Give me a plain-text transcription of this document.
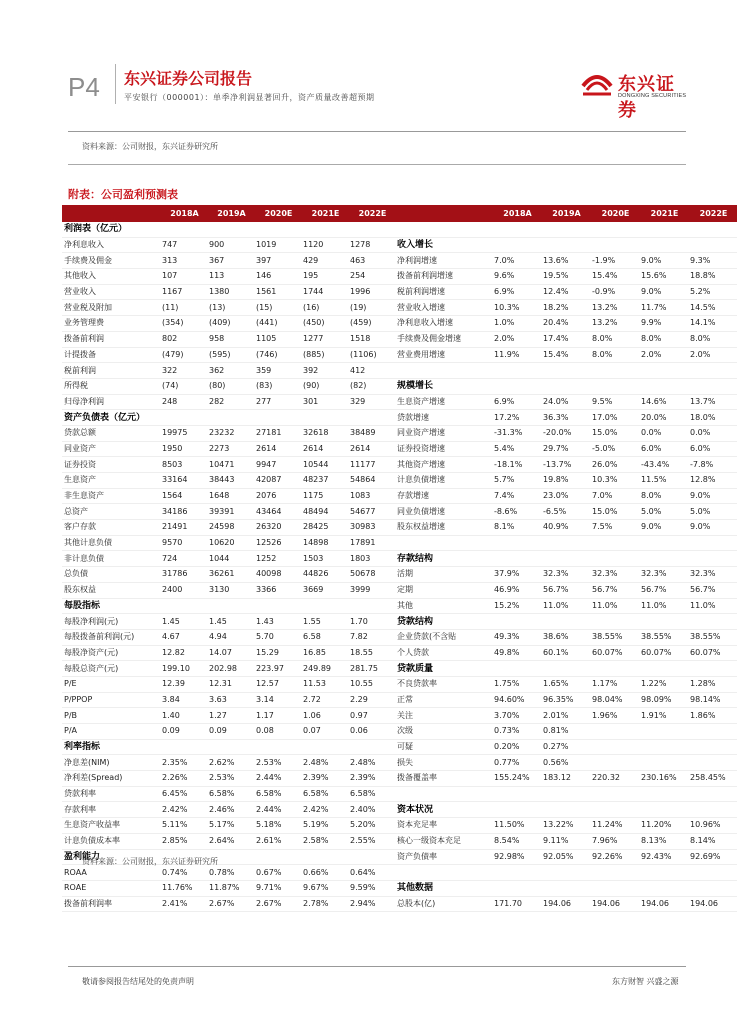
P4 东兴证券公司报告
平安银行（000001）：单季净利润显著回升，资产质量改善超预期
东兴证券
DONGXING SECURITIES
资料来源：公司财报，东兴证券研究所
附表：公司盈利预测表
	2018A	2019A	2020E	2021E	2022E		2018A	2019A	2020E	2021E	2022E
利润表（亿元）											
净利息收入	747	900	1019	1120	1278	收入增长					
手续费及佣金	313	367	397	429	463	净利润增速	7.0%	13.6%	-1.9%	9.0%	9.3%
其他收入	107	113	146	195	254	拨备前利润增速	9.6%	19.5%	15.4%	15.6%	18.8%
营业收入	1167	1380	1561	1744	1996	税前利润增速	6.9%	12.4%	-0.9%	9.0%	5.2%
营业税及附加	(11)	(13)	(15)	(16)	(19)	营业收入增速	10.3%	18.2%	13.2%	11.7%	14.5%
业务管理费	(354)	(409)	(441)	(450)	(459)	净利息收入增速	1.0%	20.4%	13.2%	9.9%	14.1%
拨备前利润	802	958	1105	1277	1518	手续费及佣金增速	2.0%	17.4%	8.0%	8.0%	8.0%
计提拨备	(479)	(595)	(746)	(885)	(1106)	营业费用增速	11.9%	15.4%	8.0%	2.0%	2.0%
税前利润	322	362	359	392	412						
所得税	(74)	(80)	(83)	(90)	(82)	规模增长					
归母净利润	248	282	277	301	329	生息资产增速	6.9%	24.0%	9.5%	14.6%	13.7%
资产负债表（亿元）						贷款增速	17.2%	36.3%	17.0%	20.0%	18.0%
贷款总额	19975	23232	27181	32618	38489	同业资产增速	-31.3%	-20.0%	15.0%	0.0%	0.0%
同业资产	1950	2273	2614	2614	2614	证券投资增速	5.4%	29.7%	-5.0%	6.0%	6.0%
证券投资	8503	10471	9947	10544	11177	其他资产增速	-18.1%	-13.7%	26.0%	-43.4%	-7.8%
生息资产	33164	38443	42087	48237	54864	计息负债增速	5.7%	19.8%	10.3%	11.5%	12.8%
非生息资产	1564	1648	2076	1175	1083	存款增速	7.4%	23.0%	7.0%	8.0%	9.0%
总资产	34186	39391	43464	48494	54677	同业负债增速	-8.6%	-6.5%	15.0%	5.0%	5.0%
客户存款	21491	24598	26320	28425	30983	股东权益增速	8.1%	40.9%	7.5%	9.0%	9.0%
其他计息负债	9570	10620	12526	14898	17891						
非计息负债	724	1044	1252	1503	1803	存款结构					
总负债	31786	36261	40098	44826	50678	活期	37.9%	32.3%	32.3%	32.3%	32.3%
股东权益	2400	3130	3366	3669	3999	定期	46.9%	56.7%	56.7%	56.7%	56.7%
每股指标						其他	15.2%	11.0%	11.0%	11.0%	11.0%
每股净利润(元)	1.45	1.45	1.43	1.55	1.70	贷款结构					
每股拨备前利润(元)	4.67	4.94	5.70	6.58	7.82	企业贷款(不含贴	49.3%	38.6%	38.55%	38.55%	38.55%
每股净资产(元)	12.82	14.07	15.29	16.85	18.55	个人贷款	49.8%	60.1%	60.07%	60.07%	60.07%
每股总资产(元)	199.10	202.98	223.97	249.89	281.75	贷款质量					
P/E	12.39	12.31	12.57	11.53	10.55	不良贷款率	1.75%	1.65%	1.17%	1.22%	1.28%
P/PPOP	3.84	3.63	3.14	2.72	2.29	正常	94.60%	96.35%	98.04%	98.09%	98.14%
P/B	1.40	1.27	1.17	1.06	0.97	关注	3.70%	2.01%	1.96%	1.91%	1.86%
P/A	0.09	0.09	0.08	0.07	0.06	次级	0.73%	0.81%			
利率指标						可疑	0.20%	0.27%			
净息差(NIM)	2.35%	2.62%	2.53%	2.48%	2.48%	损失	0.77%	0.56%			
净利差(Spread)	2.26%	2.53%	2.44%	2.39%	2.39%	拨备覆盖率	155.24%	183.12	220.32	230.16%	258.45%
贷款利率	6.45%	6.58%	6.58%	6.58%	6.58%						
存款利率	2.42%	2.46%	2.44%	2.42%	2.40%	资本状况					
生息资产收益率	5.11%	5.17%	5.18%	5.19%	5.20%	资本充足率	11.50%	13.22%	11.24%	11.20%	10.96%
计息负债成本率	2.85%	2.64%	2.61%	2.58%	2.55%	核心一级资本充足	8.54%	9.11%	7.96%	8.13%	8.14%
盈利能力						资产负债率	92.98%	92.05%	92.26%	92.43%	92.69%
ROAA	0.74%	0.78%	0.67%	0.66%	0.64%						
ROAE	11.76%	11.87%	9.71%	9.67%	9.59%	其他数据					
拨备前利润率	2.41%	2.67%	2.67%	2.78%	2.94%	总股本(亿)	171.70	194.06	194.06	194.06	194.06
资料来源：公司财报，东兴证券研究所
敬请参阅报告结尾处的免责声明	东方财智 兴盛之源
